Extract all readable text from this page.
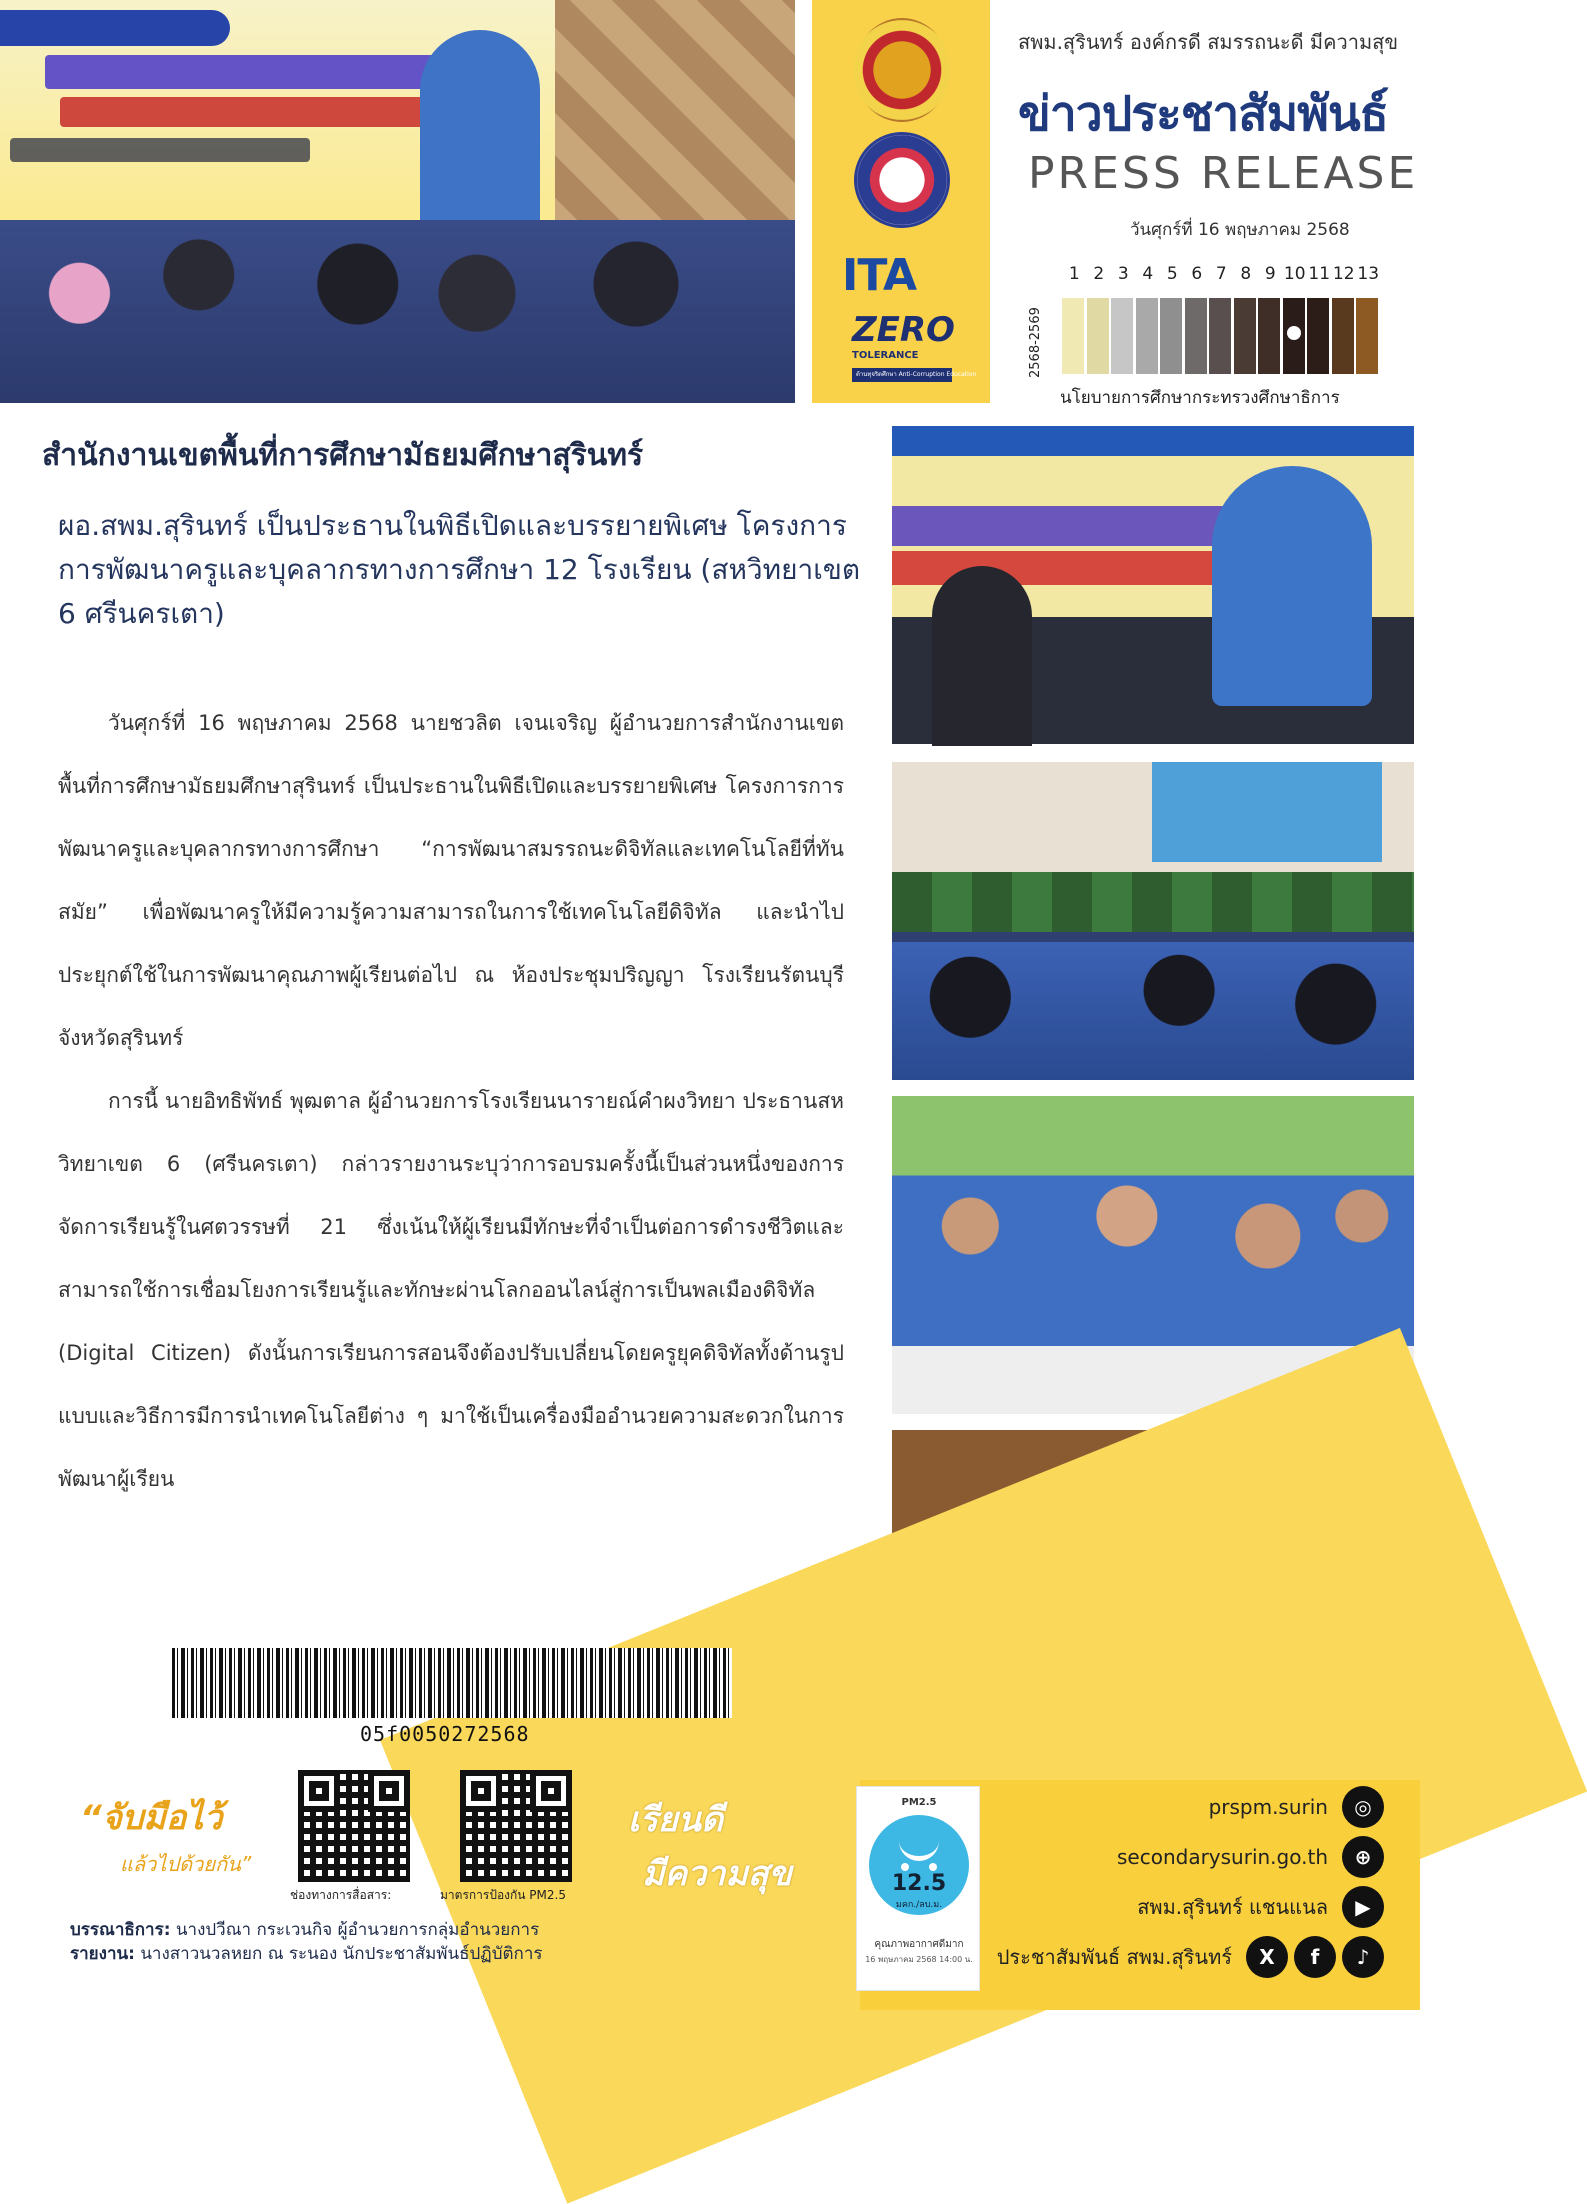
ITA
ZERO
TOLERANCE
ต้านทุจริตศึกษา Anti-Corruption Education
สพม.สุรินทร์ องค์กรดี สมรรถนะดี มีความสุข
ข่าวประชาสัมพันธ์
PRESS RELEASE
วันศุกร์ที่ 16 พฤษภาคม 2568
1 2 3 4 5 6 7 8 9 10 11 12 13
2568-2569
นโยบายการศึกษากระทรวงศึกษาธิการ
สำนักงานเขตพื้นที่การศึกษามัธยมศึกษาสุรินทร์
ผอ.สพม.สุรินทร์ เป็นประธานในพิธีเปิดและบรรยายพิเศษ โครงการการพัฒนาครูและบุคลากรทางการศึกษา 12 โรงเรียน (สหวิทยาเขต 6 ศรีนครเตา)

วันศุกร์ที่ 16 พฤษภาคม 2568 นายชวลิต เจนเจริญ ผู้อำนวยการสำนักงานเขตพื้นที่การศึกษามัธยมศึกษาสุรินทร์ เป็นประธานในพิธีเปิดและบรรยายพิเศษ โครงการการพัฒนาครูและบุคลากรทางการศึกษา “การพัฒนาสมรรถนะดิจิทัลและเทคโนโลยีที่ทันสมัย” เพื่อพัฒนาครูให้มีความรู้ความสามารถในการใช้เทคโนโลยีดิจิทัล และนำไปประยุกต์ใช้ในการพัฒนาคุณภาพผู้เรียนต่อไป ณ ห้องประชุมปริญญา โรงเรียนรัตนบุรี จังหวัดสุรินทร์

การนี้ นายอิทธิพัทธ์ พุฒตาล ผู้อำนวยการโรงเรียนนารายณ์คำผงวิทยา ประธานสหวิทยาเขต 6 (ศรีนครเตา) กล่าวรายงานระบุว่าการอบรมครั้งนี้เป็นส่วนหนึ่งของการจัดการเรียนรู้ในศตวรรษที่ 21 ซึ่งเน้นให้ผู้เรียนมีทักษะที่จำเป็นต่อการดำรงชีวิตและสามารถใช้การเชื่อมโยงการเรียนรู้และทักษะผ่านโลกออนไลน์สู่การเป็นพลเมืองดิจิทัล (Digital Citizen) ดังนั้นการเรียนการสอนจึงต้องปรับเปลี่ยนโดยครูยุคดิจิทัลทั้งด้านรูปแบบและวิธีการมีการนำเทคโนโลยีต่าง ๆ มาใช้เป็นเครื่องมืออำนวยความสะดวกในการพัฒนาผู้เรียน

05f0050272568
“จับมือไว้
แล้วไปด้วยกัน”
ช่องทางการสื่อสาร:	มาตรการป้องกัน PM2.5
เรียนดี
มีความสุข
บรรณาธิการ: นางปวีณา กระเวนกิจ ผู้อำนวยการกลุ่มอำนวยการ
รายงาน: นางสาวนวลหยก ณ ระนอง นักประชาสัมพันธ์ปฏิบัติการ
PM2.5
12.5
มคก./ลบ.ม.
คุณภาพอากาศดีมาก
16 พฤษภาคม 2568 14:00 น.
prspm.surin	◎
secondarysurin.go.th	⊕
สพม.สุรินทร์ แชนแนล	▶
ประชาสัมพันธ์ สพม.สุรินทร์	X	f	♪
